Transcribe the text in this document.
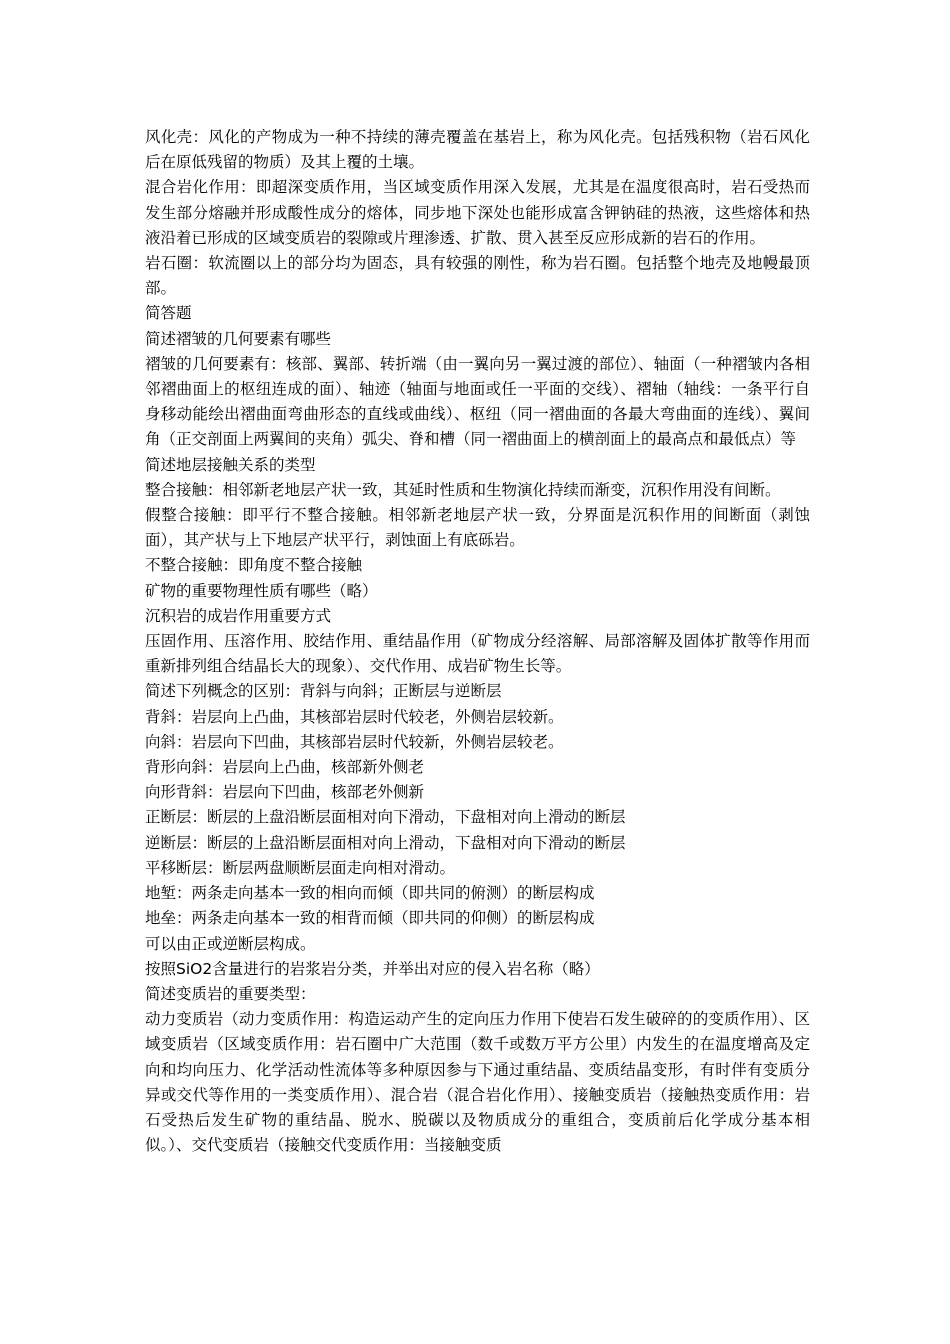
风化壳：风化的产物成为一种不持续的薄壳覆盖在基岩上，称为风化壳。包括残积物（岩石风化后在原低残留的物质）及其上覆的土壤。

混合岩化作用：即超深变质作用，当区域变质作用深入发展，尤其是在温度很高时，岩石受热而发生部分熔融并形成酸性成分的熔体，同步地下深处也能形成富含钾钠硅的热液，这些熔体和热液沿着已形成的区域变质岩的裂隙或片理渗透、扩散、贯入甚至反应形成新的岩石的作用。

岩石圈：软流圈以上的部分均为固态，具有较强的刚性，称为岩石圈。包括整个地壳及地幔最顶部。

简答题

简述褶皱的几何要素有哪些

褶皱的几何要素有：核部、翼部、转折端（由一翼向另一翼过渡的部位）、轴面（一种褶皱内各相邻褶曲面上的枢纽连成的面）、轴迹（轴面与地面或任一平面的交线）、褶轴（轴线：一条平行自身移动能绘出褶曲面弯曲形态的直线或曲线）、枢纽（同一褶曲面的各最大弯曲面的连线）、翼间角（正交剖面上两翼间的夹角）弧尖、脊和槽（同一褶曲面上的横剖面上的最高点和最低点）等

简述地层接触关系的类型

整合接触：相邻新老地层产状一致，其延时性质和生物演化持续而渐变，沉积作用没有间断。

假整合接触：即平行不整合接触。相邻新老地层产状一致，分界面是沉积作用的间断面（剥蚀面），其产状与上下地层产状平行，剥蚀面上有底砾岩。

不整合接触：即角度不整合接触

矿物的重要物理性质有哪些（略）

沉积岩的成岩作用重要方式

压固作用、压溶作用、胶结作用、重结晶作用（矿物成分经溶解、局部溶解及固体扩散等作用而重新排列组合结晶长大的现象）、交代作用、成岩矿物生长等。

简述下列概念的区别：背斜与向斜；正断层与逆断层

背斜：岩层向上凸曲，其核部岩层时代较老，外侧岩层较新。

向斜：岩层向下凹曲，其核部岩层时代较新，外侧岩层较老。

背形向斜：岩层向上凸曲，核部新外侧老

向形背斜：岩层向下凹曲，核部老外侧新

正断层：断层的上盘沿断层面相对向下滑动，下盘相对向上滑动的断层

逆断层：断层的上盘沿断层面相对向上滑动，下盘相对向下滑动的断层

平移断层：断层两盘顺断层面走向相对滑动。

地堑：两条走向基本一致的相向而倾（即共同的俯测）的断层构成

地垒：两条走向基本一致的相背而倾（即共同的仰侧）的断层构成

可以由正或逆断层构成。

按照SiO2含量进行的岩浆岩分类，并举出对应的侵入岩名称（略）

简述变质岩的重要类型：

动力变质岩（动力变质作用：构造运动产生的定向压力作用下使岩石发生破碎的的变质作用）、区域变质岩（区域变质作用：岩石圈中广大范围（数千或数万平方公里）内发生的在温度增高及定向和均向压力、化学活动性流体等多种原因参与下通过重结晶、变质结晶变形，有时伴有变质分异或交代等作用的一类变质作用）、混合岩（混合岩化作用）、接触变质岩（接触热变质作用：岩石受热后发生矿物的重结晶、脱水、脱碳以及物质成分的重组合，变质前后化学成分基本相似。）、交代变质岩（接触交代变质作用：当接触变质
